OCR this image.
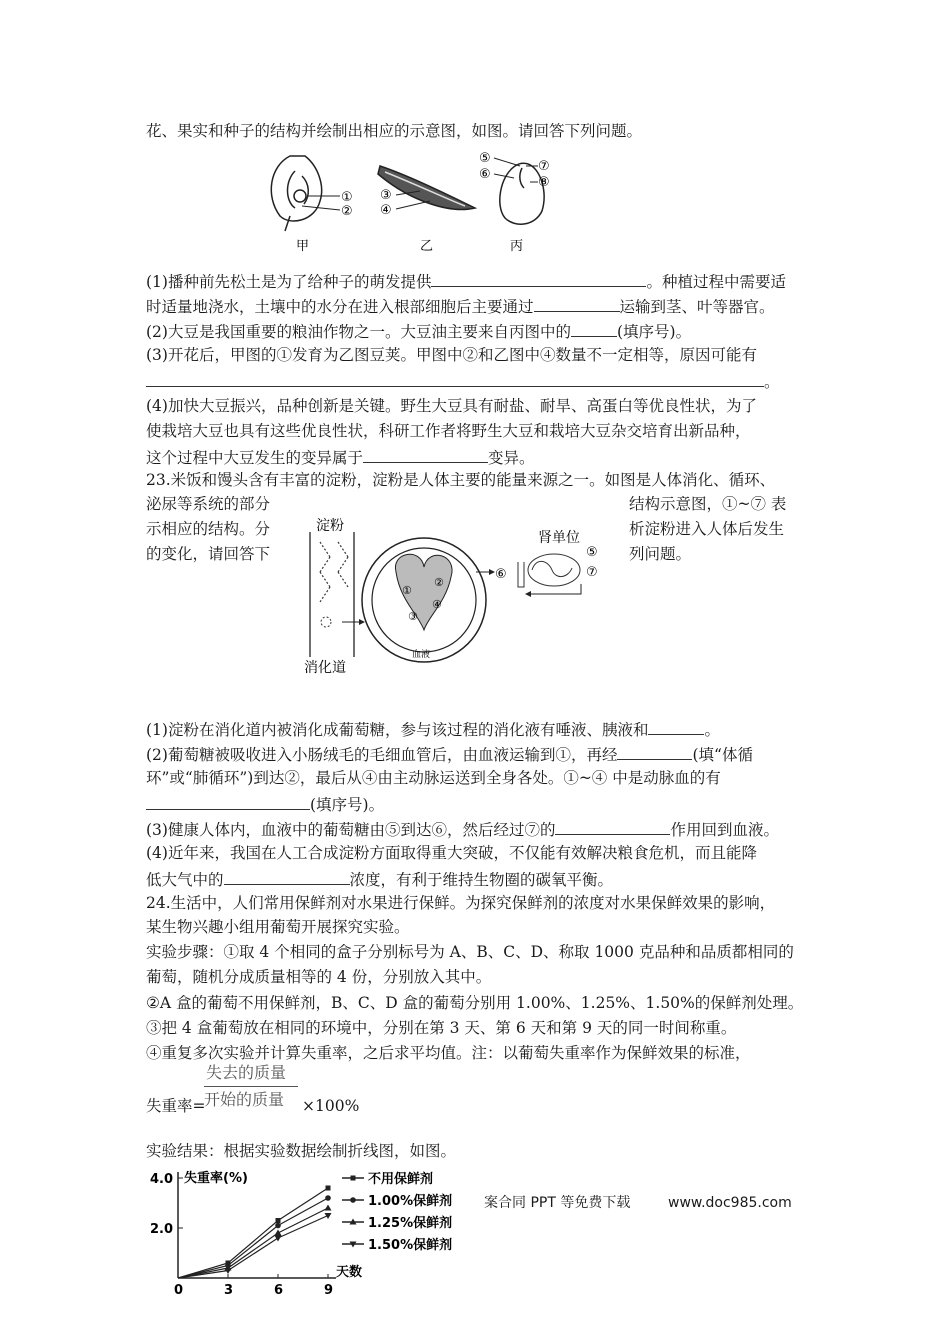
花、果实和种子的结构并绘制出相应的示意图，如图。请回答下列问题。
①
②
甲
③
④
乙
⑤
⑥
⑦
⑧
丙
(1)播种前先松土是为了给种子的萌发提供	。种植过程中需要适
时适量地浇水，土壤中的水分在进入根部细胞后主要通过	运输到茎、叶等器官。
(2)大豆是我国重要的粮油作物之一。大豆油主要来自丙图中的	(填序号)。
(3)开花后，甲图的①发育为乙图豆荚。甲图中②和乙图中④数量不一定相等，原因可能有
。
(4)加快大豆振兴，品种创新是关键。野生大豆具有耐盐、耐旱、高蛋白等优良性状，为了
使栽培大豆也具有这些优良性状，科研工作者将野生大豆和栽培大豆杂交培育出新品种，
这个过程中大豆发生的变异属于	变异。
23.米饭和馒头含有丰富的淀粉，淀粉是人体主要的能量来源之一。如图是人体消化、循环、
泌尿等系统的部分	结构示意图，①~⑦ 表
示相应的结构。分	析淀粉进入人体后发生
的变化，请回答下	列问题。
淀粉
消化道
①
②
③
④
血液
肾单位
⑥
⑤
⑦
(1)淀粉在消化道内被消化成葡萄糖，参与该过程的消化液有唾液、胰液和	。
(2)葡萄糖被吸收进入小肠绒毛的毛细血管后，由血液运输到①，再经	(填“体循
环”或“肺循环”)到达②，最后从④由主动脉运送到全身各处。①~④ 中是动脉血的有
(填序号)。
(3)健康人体内，血液中的葡萄糖由⑤到达⑥，然后经过⑦的	作用回到血液。
(4)近年来，我国在人工合成淀粉方面取得重大突破，不仅能有效解决粮食危机，而且能降
低大气中的	浓度，有利于维持生物圈的碳氧平衡。
24.生活中，人们常用保鲜剂对水果进行保鲜。为探究保鲜剂的浓度对水果保鲜效果的影响，
某生物兴趣小组用葡萄开展探究实验。
实验步骤：①取 4 个相同的盒子分别标号为 A、B、C、D、称取 1000 克品种和品质都相同的
葡萄，随机分成质量相等的 4 份，分别放入其中。
②A 盒的葡萄不用保鲜剂，B、C、D 盒的葡萄分别用 1.00%、1.25%、1.50%的保鲜剂处理。
③把 4 盒葡萄放在相同的环境中，分别在第 3 天、第 6 天和第 9 天的同一时间称重。
④重复多次实验并计算失重率，之后求平均值。注：以葡萄失重率作为保鲜效果的标准，
失去的质量
开始的质量
失重率=	×100%
实验结果：根据实验数据绘制折线图，如图。
4.0
2.0
0	3	6	9
失重率(%)
天数
不用保鲜剂
1.00%保鲜剂
1.25%保鲜剂
1.50%保鲜剂
案合同 PPT 等免费下载	www.doc985.com
